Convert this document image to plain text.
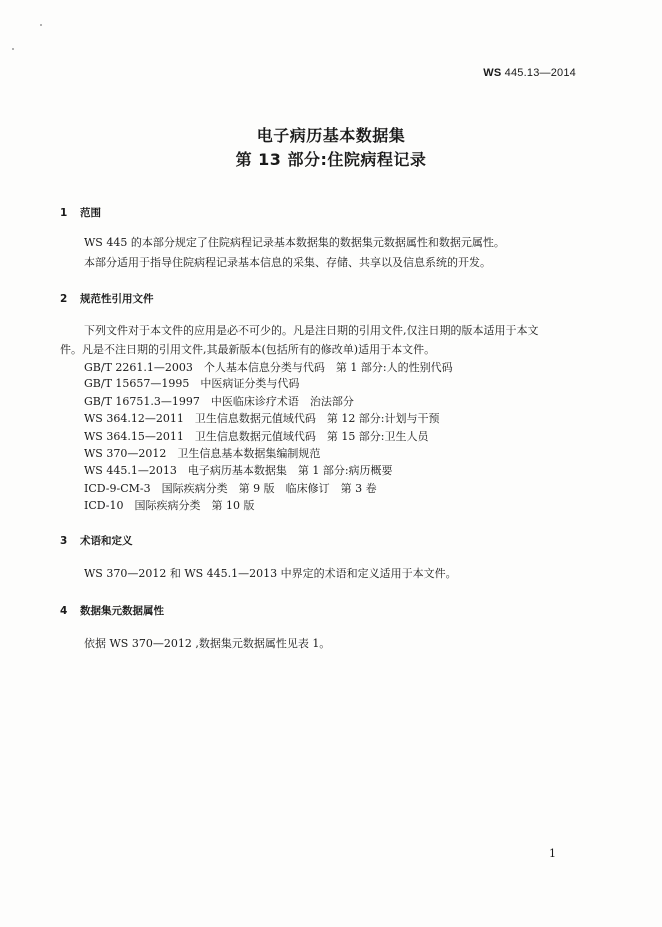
WS 445.13—2014
电子病历基本数据集
第 13 部分:住院病程记录
1 范围
WS 445 的本部分规定了住院病程记录基本数据集的数据集元数据属性和数据元属性。
本部分适用于指导住院病程记录基本信息的采集、存储、共享以及信息系统的开发。
2 规范性引用文件
下列文件对于本文件的应用是必不可少的。凡是注日期的引用文件,仅注日期的版本适用于本文
件。凡是不注日期的引用文件,其最新版本(包括所有的修改单)适用于本文件。
GB/T 2261.1—2003　个人基本信息分类与代码　第 1 部分:人的性别代码
GB/T 15657—1995　中医病证分类与代码
GB/T 16751.3—1997　中医临床诊疗术语　治法部分
WS 364.12—2011　卫生信息数据元值域代码　第 12 部分:计划与干预
WS 364.15—2011　卫生信息数据元值域代码　第 15 部分:卫生人员
WS 370—2012　卫生信息基本数据集编制规范
WS 445.1—2013　电子病历基本数据集　第 1 部分:病历概要
ICD-9-CM-3　国际疾病分类　第 9 版　临床修订　第 3 卷
ICD-10　国际疾病分类　第 10 版
3 术语和定义
WS 370—2012 和 WS 445.1—2013 中界定的术语和定义适用于本文件。
4 数据集元数据属性
依据 WS 370—2012 ,数据集元数据属性见表 1。
1
